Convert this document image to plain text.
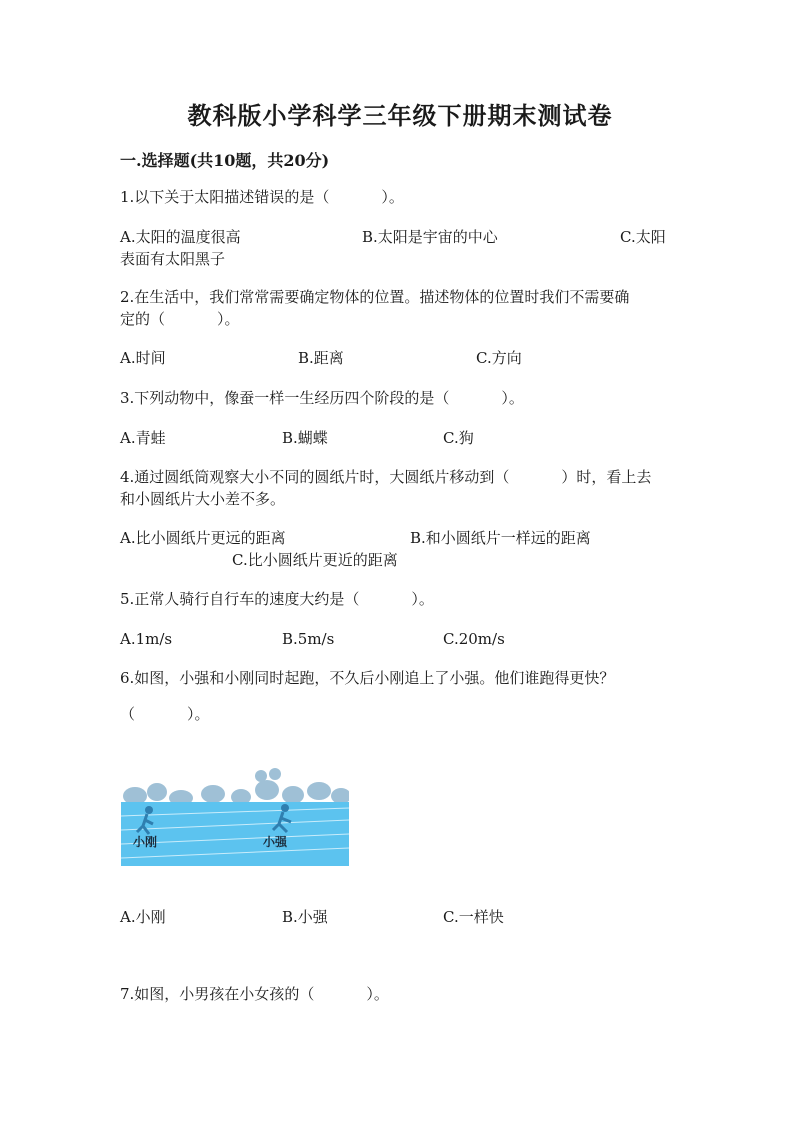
教科版小学科学三年级下册期末测试卷
一.选择题(共10题，共20分)
1.以下关于太阳描述错误的是（	）。
A.太阳的温度很高	B.太阳是宇宙的中心	C.太阳
表面有太阳黑子
2.在生活中，我们常常需要确定物体的位置。描述物体的位置时我们不需要确
定的（	）。
A.时间	B.距离	C.方向
3.下列动物中，像蚕一样一生经历四个阶段的是（	）。
A.青蛙	B.蝴蝶	C.狗
4.通过圆纸筒观察大小不同的圆纸片时，大圆纸片移动到（	）时，看上去
和小圆纸片大小差不多。
A.比小圆纸片更远的距离	B.和小圆纸片一样远的距离
C.比小圆纸片更近的距离
5.正常人骑行自行车的速度大约是（	）。
A.1m/s	B.5m/s	C.20m/s
6.如图，小强和小刚同时起跑，不久后小刚追上了小强。他们谁跑得更快？
（	）。
小刚	小强
A.小刚	B.小强	C.一样快
7.如图，小男孩在小女孩的（	）。
